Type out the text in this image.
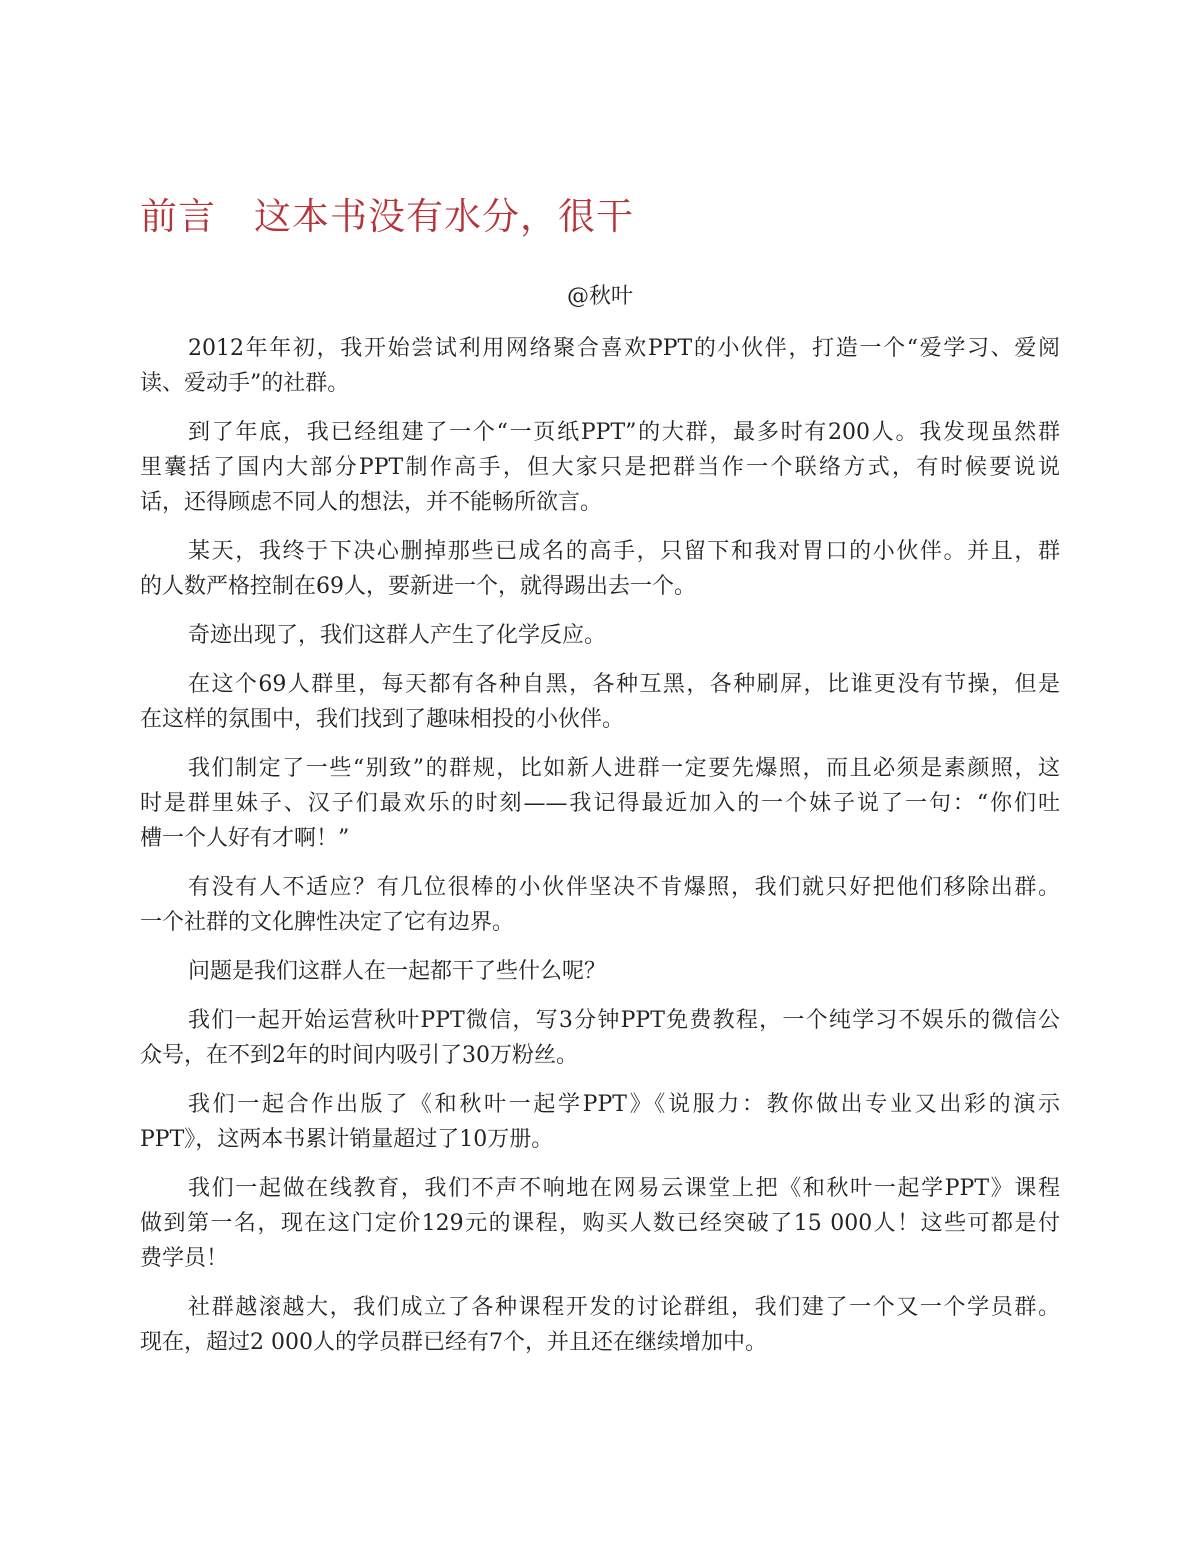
前言　这本书没有水分，很干
@秋叶

2012年年初，我开始尝试利用网络聚合喜欢PPT的小伙伴，打造一个“爱学习、爱阅
读、爱动手”的社群。

到了年底，我已经组建了一个“一页纸PPT”的大群，最多时有200人。我发现虽然群
里囊括了国内大部分PPT制作高手，但大家只是把群当作一个联络方式，有时候要说说
话，还得顾虑不同人的想法，并不能畅所欲言。

某天，我终于下决心删掉那些已成名的高手，只留下和我对胃口的小伙伴。并且，群
的人数严格控制在69人，要新进一个，就得踢出去一个。

奇迹出现了，我们这群人产生了化学反应。

在这个69人群里，每天都有各种自黑，各种互黑，各种刷屏，比谁更没有节操，但是
在这样的氛围中，我们找到了趣味相投的小伙伴。

我们制定了一些“别致”的群规，比如新人进群一定要先爆照，而且必须是素颜照，这
时是群里妹子、汉子们最欢乐的时刻——我记得最近加入的一个妹子说了一句：“你们吐
槽一个人好有才啊！”

有没有人不适应？有几位很棒的小伙伴坚决不肯爆照，我们就只好把他们移除出群。
一个社群的文化脾性决定了它有边界。

问题是我们这群人在一起都干了些什么呢？

我们一起开始运营秋叶PPT微信，写3分钟PPT免费教程，一个纯学习不娱乐的微信公
众号，在不到2年的时间内吸引了30万粉丝。

我们一起合作出版了《和秋叶一起学PPT》《说服力：教你做出专业又出彩的演示
PPT》，这两本书累计销量超过了10万册。

我们一起做在线教育，我们不声不响地在网易云课堂上把《和秋叶一起学PPT》课程
做到第一名，现在这门定价129元的课程，购买人数已经突破了15 000人！这些可都是付
费学员！

社群越滚越大，我们成立了各种课程开发的讨论群组，我们建了一个又一个学员群。
现在，超过2 000人的学员群已经有7个，并且还在继续增加中。
